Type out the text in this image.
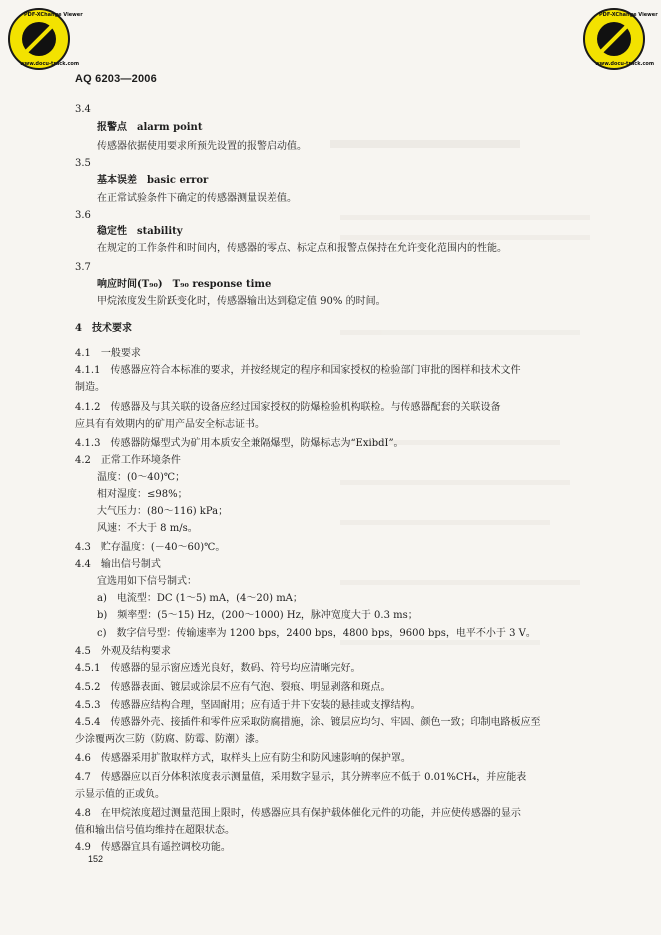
PDF-XChange Viewer
www.docu-track.com
PDF-XChange Viewer
www.docu-track.com
AQ 6203—2006
3.4
报警点　alarm point
传感器依据使用要求所预先设置的报警启动值。
3.5
基本误差　basic error
在正常试验条件下确定的传感器测量误差值。
3.6
稳定性　stability
在规定的工作条件和时间内，传感器的零点、标定点和报警点保持在允许变化范围内的性能。
3.7
响应时间(T₉₀)　T₉₀ response time
甲烷浓度发生阶跃变化时，传感器输出达到稳定值 90% 的时间。
4　技术要求
4.1　一般要求
4.1.1　传感器应符合本标准的要求，并按经规定的程序和国家授权的检验部门审批的图样和技术文件
制造。
4.1.2　传感器及与其关联的设备应经过国家授权的防爆检验机构联检。与传感器配套的关联设备
应具有有效期内的矿用产品安全标志证书。
4.1.3　传感器防爆型式为矿用本质安全兼隔爆型，防爆标志为“ExibdI”。
4.2　正常工作环境条件
温度：(0～40)℃；
相对湿度：≤98%；
大气压力：(80～116) kPa；
风速：不大于 8 m/s。
4.3　贮存温度：(－40～60)℃。
4.4　输出信号制式
宜选用如下信号制式：
a)　电流型：DC (1～5) mA，(4～20) mA；
b)　频率型：(5～15) Hz，(200～1000) Hz，脉冲宽度大于 0.3 ms；
c)　数字信号型：传输速率为 1200 bps，2400 bps，4800 bps，9600 bps，电平不小于 3 V。
4.5　外观及结构要求
4.5.1　传感器的显示窗应透光良好，数码、符号均应清晰完好。
4.5.2　传感器表面、镀层或涂层不应有气泡、裂痕、明显剥落和斑点。
4.5.3　传感器应结构合理，坚固耐用；应有适于井下安装的悬挂或支撑结构。
4.5.4　传感器外壳、接插件和零件应采取防腐措施，涂、镀层应均匀、牢固、颜色一致；印制电路板应至
少涂覆两次三防（防腐、防霉、防潮）漆。
4.6　传感器采用扩散取样方式，取样头上应有防尘和防风速影响的保护罩。
4.7　传感器应以百分体积浓度表示测量值，采用数字显示，其分辨率应不低于 0.01%CH₄，并应能表
示显示值的正或负。
4.8　在甲烷浓度超过测量范围上限时，传感器应具有保护载体催化元件的功能，并应使传感器的显示
值和输出信号值均维持在超限状态。
4.9　传感器宜具有遥控调校功能。
152
